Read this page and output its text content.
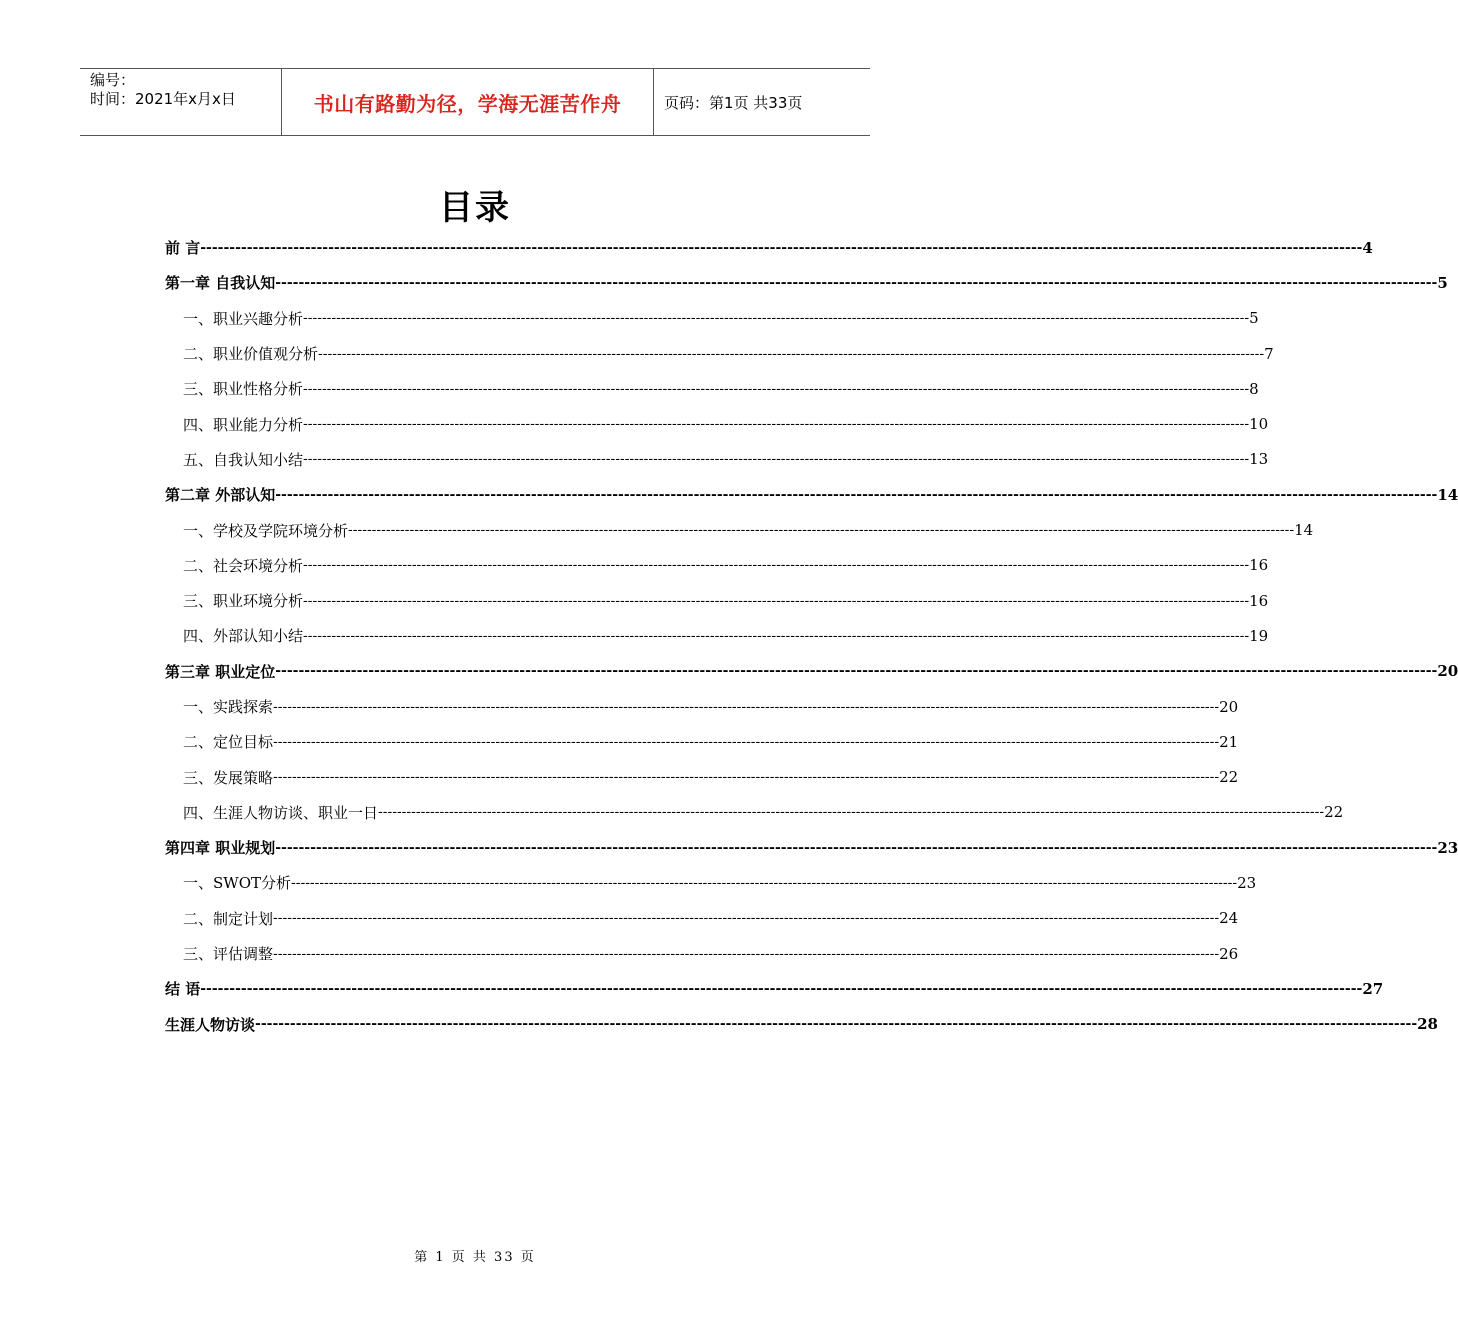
编号：
时间：2021年x月x日	书山有路勤为径，学海无涯苦作舟	页码：第1页 共33页
目录
前 言 -------------------------------------------------------------------------------------------------------------------------------------------------------------------------------------------------------- 4
第一章 自我认知 -------------------------------------------------------------------------------------------------------------------------------------------------------------------------------------------------------- 5
一、职业兴趣分析 -------------------------------------------------------------------------------------------------------------------------------------------------------------------------------------------------------- 5
二、职业价值观分析 -------------------------------------------------------------------------------------------------------------------------------------------------------------------------------------------------------- 7
三、职业性格分析 -------------------------------------------------------------------------------------------------------------------------------------------------------------------------------------------------------- 8
四、职业能力分析 -------------------------------------------------------------------------------------------------------------------------------------------------------------------------------------------------------- 10
五、自我认知小结 -------------------------------------------------------------------------------------------------------------------------------------------------------------------------------------------------------- 13
第二章 外部认知 -------------------------------------------------------------------------------------------------------------------------------------------------------------------------------------------------------- 14
一、学校及学院环境分析 -------------------------------------------------------------------------------------------------------------------------------------------------------------------------------------------------------- 14
二、社会环境分析 -------------------------------------------------------------------------------------------------------------------------------------------------------------------------------------------------------- 16
三、职业环境分析 -------------------------------------------------------------------------------------------------------------------------------------------------------------------------------------------------------- 16
四、外部认知小结 -------------------------------------------------------------------------------------------------------------------------------------------------------------------------------------------------------- 19
第三章 职业定位 -------------------------------------------------------------------------------------------------------------------------------------------------------------------------------------------------------- 20
一、实践探索 -------------------------------------------------------------------------------------------------------------------------------------------------------------------------------------------------------- 20
二、定位目标 -------------------------------------------------------------------------------------------------------------------------------------------------------------------------------------------------------- 21
三、发展策略 -------------------------------------------------------------------------------------------------------------------------------------------------------------------------------------------------------- 22
四、生涯人物访谈、职业一日 -------------------------------------------------------------------------------------------------------------------------------------------------------------------------------------------------------- 22
第四章 职业规划 -------------------------------------------------------------------------------------------------------------------------------------------------------------------------------------------------------- 23
一、SWOT分析 -------------------------------------------------------------------------------------------------------------------------------------------------------------------------------------------------------- 23
二、制定计划 -------------------------------------------------------------------------------------------------------------------------------------------------------------------------------------------------------- 24
三、评估调整 -------------------------------------------------------------------------------------------------------------------------------------------------------------------------------------------------------- 26
结 语 -------------------------------------------------------------------------------------------------------------------------------------------------------------------------------------------------------- 27
生涯人物访谈 -------------------------------------------------------------------------------------------------------------------------------------------------------------------------------------------------------- 28
第 1 页 共 33 页
